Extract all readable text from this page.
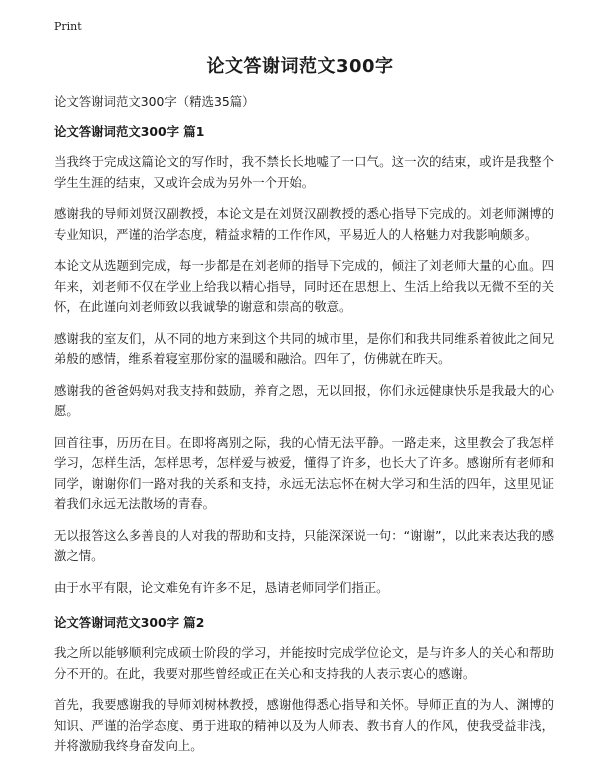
Print
论文答谢词范文300字

论文答谢词范文300字（精选35篇）

论文答谢词范文300字 篇1

当我终于完成这篇论文的写作时，我不禁长长地嘘了一口气。这一次的结束，或许是我整个学生生涯的结束，又或许会成为另外一个开始。

感谢我的导师刘贤汉副教授，本论文是在刘贤汉副教授的悉心指导下完成的。刘老师渊博的专业知识，严谨的治学态度，精益求精的工作作风，平易近人的人格魅力对我影响颇多。

本论文从选题到完成，每一步都是在刘老师的指导下完成的，倾注了刘老师大量的心血。四年来，刘老师不仅在学业上给我以精心指导，同时还在思想上、生活上给我以无微不至的关怀，在此谨向刘老师致以我诚挚的谢意和崇高的敬意。

感谢我的室友们，从不同的地方来到这个共同的城市里，是你们和我共同维系着彼此之间兄弟般的感情，维系着寝室那份家的温暖和融洽。四年了，仿佛就在昨天。

感谢我的爸爸妈妈对我支持和鼓励，养育之恩，无以回报，你们永远健康快乐是我最大的心愿。

回首往事，历历在目。在即将离别之际，我的心情无法平静。一路走来，这里教会了我怎样学习，怎样生活，怎样思考，怎样爱与被爱，懂得了许多，也长大了许多。感谢所有老师和同学，谢谢你们一路对我的关系和支持，永远无法忘怀在树大学习和生活的四年，这里见证着我们永远无法散场的青春。

无以报答这么多善良的人对我的帮助和支持，只能深深说一句：“谢谢”，以此来表达我的感激之情。

由于水平有限，论文难免有许多不足，恳请老师同学们指正。

论文答谢词范文300字 篇2

我之所以能够顺利完成硕士阶段的学习，并能按时完成学位论文，是与许多人的关心和帮助分不开的。在此，我要对那些曾经或正在关心和支持我的人表示衷心的感谢。

首先，我要感谢我的导师刘树林教授，感谢他得悉心指导和关怀。导师正直的为人、渊博的知识、严谨的治学态度、勇于进取的精神以及为人师表、教书育人的作风，使我受益非浅，并将激励我终身奋发向上。
